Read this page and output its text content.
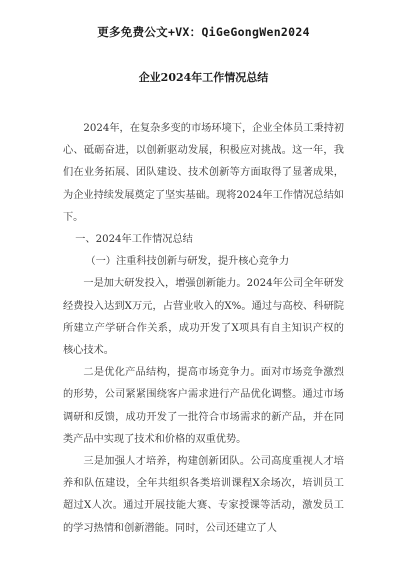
更多免费公文+VX：QiGeGongWen2024

企业2024年工作情况总结

2024年，在复杂多变的市场环境下，企业全体员工秉持初心、砥砺奋进，以创新驱动发展，积极应对挑战。这一年，我们在业务拓展、团队建设、技术创新等方面取得了显著成果，为企业持续发展奠定了坚实基础。现将2024年工作情况总结如下。

一、2024年工作情况总结

（一）注重科技创新与研发，提升核心竞争力

一是加大研发投入，增强创新能力。2024年公司全年研发经费投入达到X万元，占营业收入的X%。通过与高校、科研院所建立产学研合作关系，成功开发了X项具有自主知识产权的核心技术。

二是优化产品结构，提高市场竞争力。面对市场竞争激烈的形势，公司紧紧围绕客户需求进行产品优化调整。通过市场调研和反馈，成功开发了一批符合市场需求的新产品，并在同类产品中实现了技术和价格的双重优势。

三是加强人才培养，构建创新团队。公司高度重视人才培养和队伍建设，全年共组织各类培训课程X余场次，培训员工超过X人次。通过开展技能大赛、专家授课等活动，激发员工的学习热情和创新潜能。同时，公司还建立了人
